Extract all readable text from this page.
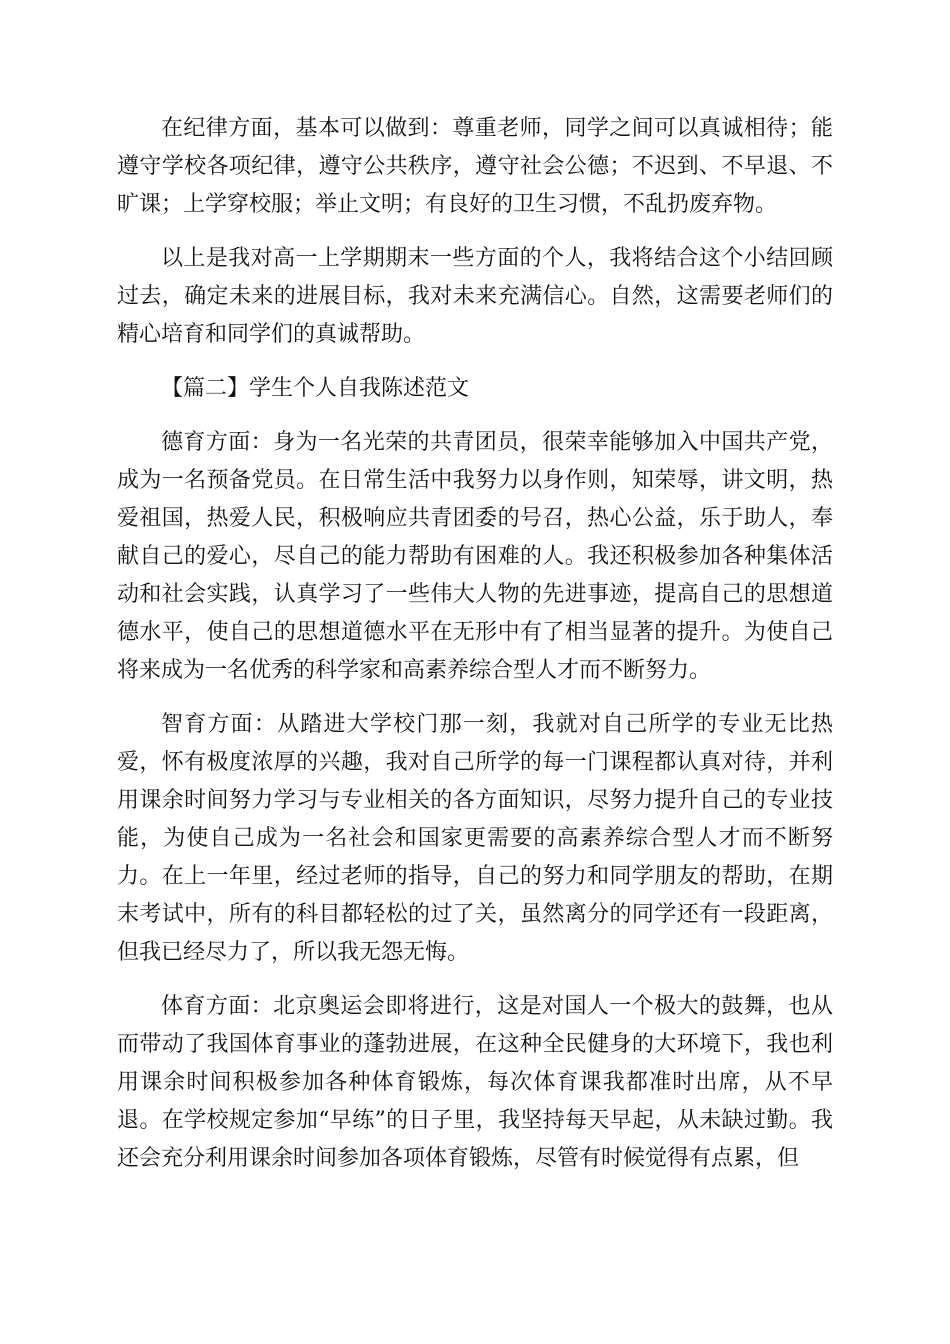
在纪律方面，基本可以做到：尊重老师，同学之间可以真诚相待；能遵守学校各项纪律，遵守公共秩序，遵守社会公德；不迟到、不早退、不旷课；上学穿校服；举止文明；有良好的卫生习惯，不乱扔废弃物。

以上是我对高一上学期期末一些方面的个人，我将结合这个小结回顾过去，确定未来的进展目标，我对未来充满信心。自然，这需要老师们的精心培育和同学们的真诚帮助。

【篇二】学生个人自我陈述范文

德育方面：身为一名光荣的共青团员，很荣幸能够加入中国共产党，成为一名预备党员。在日常生活中我努力以身作则，知荣辱，讲文明，热爱祖国，热爱人民，积极响应共青团委的号召，热心公益，乐于助人，奉献自己的爱心，尽自己的能力帮助有困难的人。我还积极参加各种集体活动和社会实践，认真学习了一些伟大人物的先进事迹，提高自己的思想道德水平，使自己的思想道德水平在无形中有了相当显著的提升。为使自己将来成为一名优秀的科学家和高素养综合型人才而不断努力。

智育方面：从踏进大学校门那一刻，我就对自己所学的专业无比热爱，怀有极度浓厚的兴趣，我对自己所学的每一门课程都认真对待，并利用课余时间努力学习与专业相关的各方面知识，尽努力提升自己的专业技能，为使自己成为一名社会和国家更需要的高素养综合型人才而不断努力。在上一年里，经过老师的指导，自己的努力和同学朋友的帮助，在期末考试中，所有的科目都轻松的过了关，虽然离分的同学还有一段距离，但我已经尽力了，所以我无怨无悔。

体育方面：北京奥运会即将进行，这是对国人一个极大的鼓舞，也从而带动了我国体育事业的蓬勃进展，在这种全民健身的大环境下，我也利用课余时间积极参加各种体育锻炼，每次体育课我都准时出席，从不早退。在学校规定参加“早练”的日子里，我坚持每天早起，从未缺过勤。我还会充分利用课余时间参加各项体育锻炼，尽管有时候觉得有点累，但
